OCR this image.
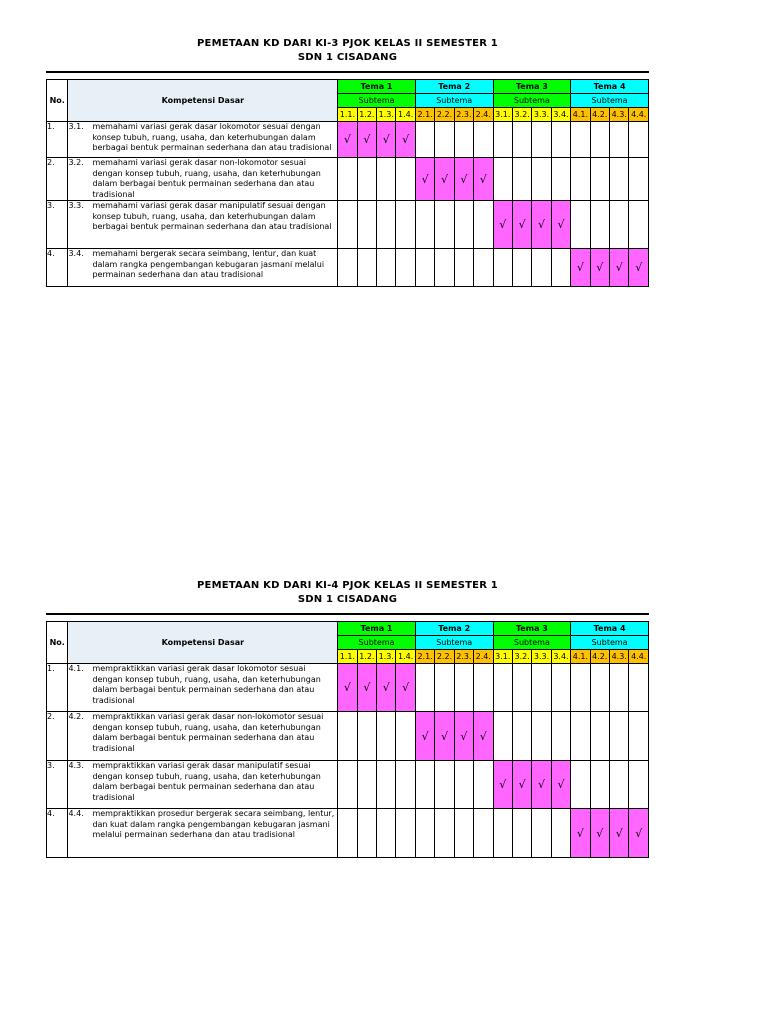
PEMETAAN KD DARI KI-3 PJOK KELAS II SEMESTER 1
SDN 1 CISADANG
No.	Kompetensi Dasar	Tema 1				Tema 2				Tema 3				Tema 4			
		Subtema				Subtema				Subtema				Subtema			
		1.1.	1.2.	1.3.	1.4.	2.1.	2.2.	2.3.	2.4.	3.1.	3.2.	3.3.	3.4.	4.1.	4.2.	4.3.	4.4.
1.	3.1. memahami variasi gerak dasar lokomotor sesuai dengan konsep tubuh, ruang, usaha, dan keterhubungan dalam berbagai bentuk permainan sederhana dan atau tradisional	√	√	√	√												
2.	3.2. memahami variasi gerak dasar non-lokomotor sesuai dengan konsep tubuh, ruang, usaha, dan keterhubungan dalam berbagai bentuk permainan sederhana dan atau tradisional					√	√	√	√								
3.	3.3. memahami variasi gerak dasar manipulatif sesuai dengan konsep tubuh, ruang, usaha, dan keterhubungan dalam berbagai bentuk permainan sederhana dan atau tradisional									√	√	√	√				
4.	3.4. memahami bergerak secara seimbang, lentur, dan kuat dalam rangka pengembangan kebugaran jasmani melalui permainan sederhana dan atau tradisional													√	√	√	√
PEMETAAN KD DARI KI-4 PJOK KELAS II SEMESTER 1
SDN 1 CISADANG
No.	Kompetensi Dasar	Tema 1				Tema 2				Tema 3				Tema 4			
		Subtema				Subtema				Subtema				Subtema			
		1.1.	1.2.	1.3.	1.4.	2.1.	2.2.	2.3.	2.4.	3.1.	3.2.	3.3.	3.4.	4.1.	4.2.	4.3.	4.4.
1.	4.1. mempraktikkan variasi gerak dasar lokomotor sesuai dengan konsep tubuh, ruang, usaha, dan keterhubungan dalam berbagai bentuk permainan sederhana dan atau tradisional	√	√	√	√												
2.	4.2. mempraktikkan variasi gerak dasar non-lokomotor sesuai dengan konsep tubuh, ruang, usaha, dan keterhubungan dalam berbagai bentuk permainan sederhana dan atau tradisional					√	√	√	√								
3.	4.3. mempraktikkan variasi gerak dasar manipulatif sesuai dengan konsep tubuh, ruang, usaha, dan keterhubungan dalam berbagai bentuk permainan sederhana dan atau tradisional									√	√	√	√				
4.	4.4. mempraktikkan prosedur bergerak secara seimbang, lentur, dan kuat dalam rangka pengembangan kebugaran jasmani melalui permainan sederhana dan atau tradisional													√	√	√	√
